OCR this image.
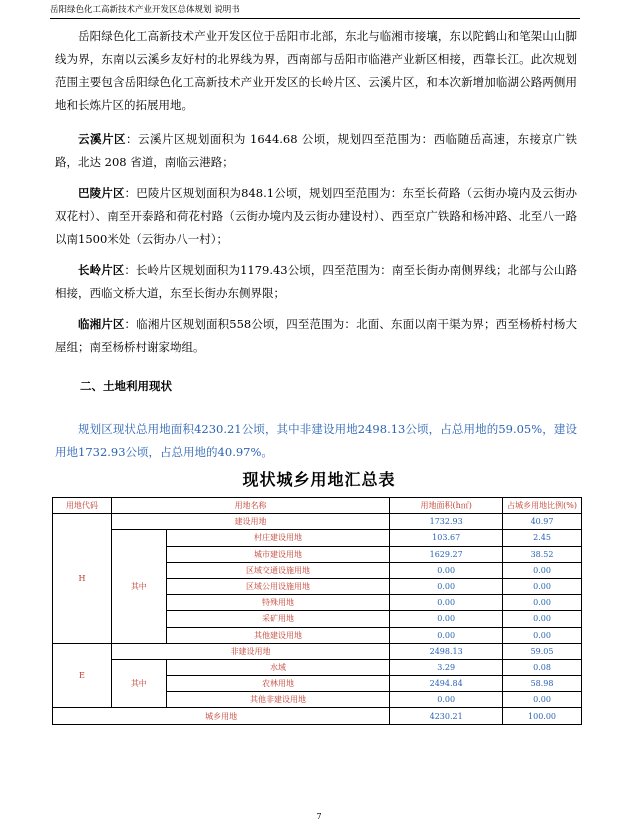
岳阳绿色化工高新技术产业开发区总体规划 说明书
岳阳绿色化工高新技术产业开发区位于岳阳市北部，东北与临湘市接壤，东以陀鹤山和笔架山山脚线为界，东南以云溪乡友好村的北界线为界，西南部与岳阳市临港产业新区相接，西靠长江。此次规划范围主要包含岳阳绿色化工高新技术产业开发区的长岭片区、云溪片区，和本次新增加临湖公路两侧用地和长炼片区的拓展用地。
云溪片区：云溪片区规划面积为 1644.68 公顷，规划四至范围为：西临随岳高速，东接京广铁路，北达 208 省道，南临云港路；
巴陵片区：巴陵片区规划面积为848.1公顷，规划四至范围为：东至长荷路（云街办境内及云街办双花村）、南至开泰路和荷花村路（云街办境内及云街办建设村）、西至京广铁路和杨冲路、北至八一路以南1500米处（云街办八一村）；
长岭片区：长岭片区规划面积为1179.43公顷，四至范围为：南至长街办南侧界线；北部与公山路相接，西临文桥大道，东至长街办东侧界限；
临湘片区：临湘片区规划面积558公顷，四至范围为：北面、东面以南干渠为界；西至杨桥村杨大屋组；南至杨桥村谢家坳组。
二、土地利用现状
规划区现状总用地面积4230.21公顷，其中非建设用地2498.13公顷，占总用地的59.05%，建设用地1732.93公顷，占总用地的40.97%。
现状城乡用地汇总表
用地代码	用地名称		用地面积(h㎡)	占城乡用地比例(%)
H	建设用地		1732.93	40.97
	其中	村庄建设用地	103.67	2.45
		城市建设用地	1629.27	38.52
		区域交通设施用地	0.00	0.00
		区域公用设施用地	0.00	0.00
		特殊用地	0.00	0.00
		采矿用地	0.00	0.00
		其他建设用地	0.00	0.00
E	非建设用地		2498.13	59.05
	其中	水域	3.29	0.08
		农林用地	2494.84	58.98
		其他非建设用地	0.00	0.00
城乡用地			4230.21	100.00
7
